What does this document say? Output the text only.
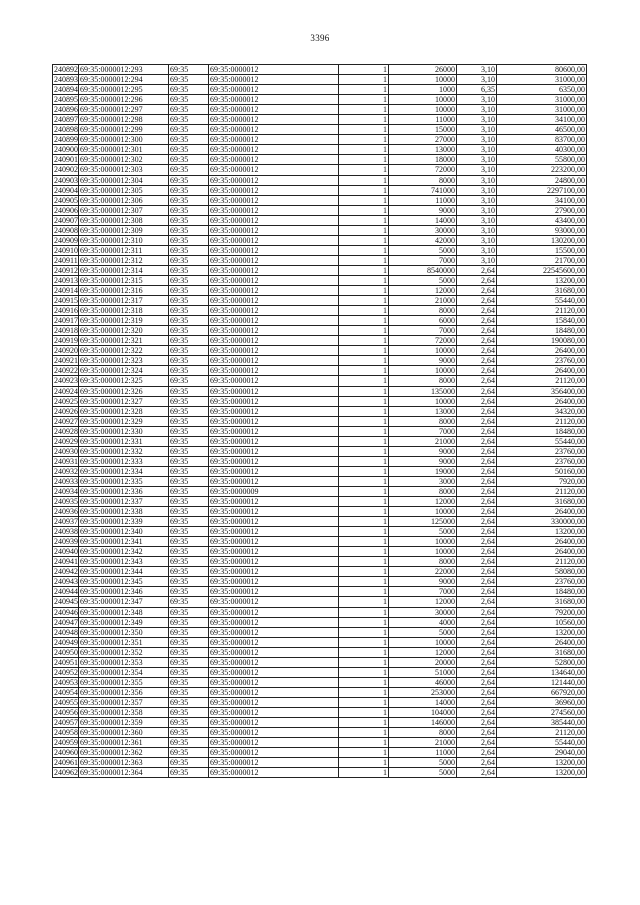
3396
240892	69:35:0000012:293	69:35	69:35:0000012	1	26000	3,10	80600,00
240893	69:35:0000012:294	69:35	69:35:0000012	1	10000	3,10	31000,00
240894	69:35:0000012:295	69:35	69:35:0000012	1	1000	6,35	6350,00
240895	69:35:0000012:296	69:35	69:35:0000012	1	10000	3,10	31000,00
240896	69:35:0000012:297	69:35	69:35:0000012	1	10000	3,10	31000,00
240897	69:35:0000012:298	69:35	69:35:0000012	1	11000	3,10	34100,00
240898	69:35:0000012:299	69:35	69:35:0000012	1	15000	3,10	46500,00
240899	69:35:0000012:300	69:35	69:35:0000012	1	27000	3,10	83700,00
240900	69:35:0000012:301	69:35	69:35:0000012	1	13000	3,10	40300,00
240901	69:35:0000012:302	69:35	69:35:0000012	1	18000	3,10	55800,00
240902	69:35:0000012:303	69:35	69:35:0000012	1	72000	3,10	223200,00
240903	69:35:0000012:304	69:35	69:35:0000012	1	8000	3,10	24800,00
240904	69:35:0000012:305	69:35	69:35:0000012	1	741000	3,10	2297100,00
240905	69:35:0000012:306	69:35	69:35:0000012	1	11000	3,10	34100,00
240906	69:35:0000012:307	69:35	69:35:0000012	1	9000	3,10	27900,00
240907	69:35:0000012:308	69:35	69:35:0000012	1	14000	3,10	43400,00
240908	69:35:0000012:309	69:35	69:35:0000012	1	30000	3,10	93000,00
240909	69:35:0000012:310	69:35	69:35:0000012	1	42000	3,10	130200,00
240910	69:35:0000012:311	69:35	69:35:0000012	1	5000	3,10	15500,00
240911	69:35:0000012:312	69:35	69:35:0000012	1	7000	3,10	21700,00
240912	69:35:0000012:314	69:35	69:35:0000012	1	8540000	2,64	22545600,00
240913	69:35:0000012:315	69:35	69:35:0000012	1	5000	2,64	13200,00
240914	69:35:0000012:316	69:35	69:35:0000012	1	12000	2,64	31680,00
240915	69:35:0000012:317	69:35	69:35:0000012	1	21000	2,64	55440,00
240916	69:35:0000012:318	69:35	69:35:0000012	1	8000	2,64	21120,00
240917	69:35:0000012:319	69:35	69:35:0000012	1	6000	2,64	15840,00
240918	69:35:0000012:320	69:35	69:35:0000012	1	7000	2,64	18480,00
240919	69:35:0000012:321	69:35	69:35:0000012	1	72000	2,64	190080,00
240920	69:35:0000012:322	69:35	69:35:0000012	1	10000	2,64	26400,00
240921	69:35:0000012:323	69:35	69:35:0000012	1	9000	2,64	23760,00
240922	69:35:0000012:324	69:35	69:35:0000012	1	10000	2,64	26400,00
240923	69:35:0000012:325	69:35	69:35:0000012	1	8000	2,64	21120,00
240924	69:35:0000012:326	69:35	69:35:0000012	1	135000	2,64	356400,00
240925	69:35:0000012:327	69:35	69:35:0000012	1	10000	2,64	26400,00
240926	69:35:0000012:328	69:35	69:35:0000012	1	13000	2,64	34320,00
240927	69:35:0000012:329	69:35	69:35:0000012	1	8000	2,64	21120,00
240928	69:35:0000012:330	69:35	69:35:0000012	1	7000	2,64	18480,00
240929	69:35:0000012:331	69:35	69:35:0000012	1	21000	2,64	55440,00
240930	69:35:0000012:332	69:35	69:35:0000012	1	9000	2,64	23760,00
240931	69:35:0000012:333	69:35	69:35:0000012	1	9000	2,64	23760,00
240932	69:35:0000012:334	69:35	69:35:0000012	1	19000	2,64	50160,00
240933	69:35:0000012:335	69:35	69:35:0000012	1	3000	2,64	7920,00
240934	69:35:0000012:336	69:35	69:35:0000009	1	8000	2,64	21120,00
240935	69:35:0000012:337	69:35	69:35:0000012	1	12000	2,64	31680,00
240936	69:35:0000012:338	69:35	69:35:0000012	1	10000	2,64	26400,00
240937	69:35:0000012:339	69:35	69:35:0000012	1	125000	2,64	330000,00
240938	69:35:0000012:340	69:35	69:35:0000012	1	5000	2,64	13200,00
240939	69:35:0000012:341	69:35	69:35:0000012	1	10000	2,64	26400,00
240940	69:35:0000012:342	69:35	69:35:0000012	1	10000	2,64	26400,00
240941	69:35:0000012:343	69:35	69:35:0000012	1	8000	2,64	21120,00
240942	69:35:0000012:344	69:35	69:35:0000012	1	22000	2,64	58080,00
240943	69:35:0000012:345	69:35	69:35:0000012	1	9000	2,64	23760,00
240944	69:35:0000012:346	69:35	69:35:0000012	1	7000	2,64	18480,00
240945	69:35:0000012:347	69:35	69:35:0000012	1	12000	2,64	31680,00
240946	69:35:0000012:348	69:35	69:35:0000012	1	30000	2,64	79200,00
240947	69:35:0000012:349	69:35	69:35:0000012	1	4000	2,64	10560,00
240948	69:35:0000012:350	69:35	69:35:0000012	1	5000	2,64	13200,00
240949	69:35:0000012:351	69:35	69:35:0000012	1	10000	2,64	26400,00
240950	69:35:0000012:352	69:35	69:35:0000012	1	12000	2,64	31680,00
240951	69:35:0000012:353	69:35	69:35:0000012	1	20000	2,64	52800,00
240952	69:35:0000012:354	69:35	69:35:0000012	1	51000	2,64	134640,00
240953	69:35:0000012:355	69:35	69:35:0000012	1	46000	2,64	121440,00
240954	69:35:0000012:356	69:35	69:35:0000012	1	253000	2,64	667920,00
240955	69:35:0000012:357	69:35	69:35:0000012	1	14000	2,64	36960,00
240956	69:35:0000012:358	69:35	69:35:0000012	1	104000	2,64	274560,00
240957	69:35:0000012:359	69:35	69:35:0000012	1	146000	2,64	385440,00
240958	69:35:0000012:360	69:35	69:35:0000012	1	8000	2,64	21120,00
240959	69:35:0000012:361	69:35	69:35:0000012	1	21000	2,64	55440,00
240960	69:35:0000012:362	69:35	69:35:0000012	1	11000	2,64	29040,00
240961	69:35:0000012:363	69:35	69:35:0000012	1	5000	2,64	13200,00
240962	69:35:0000012:364	69:35	69:35:0000012	1	5000	2,64	13200,00
